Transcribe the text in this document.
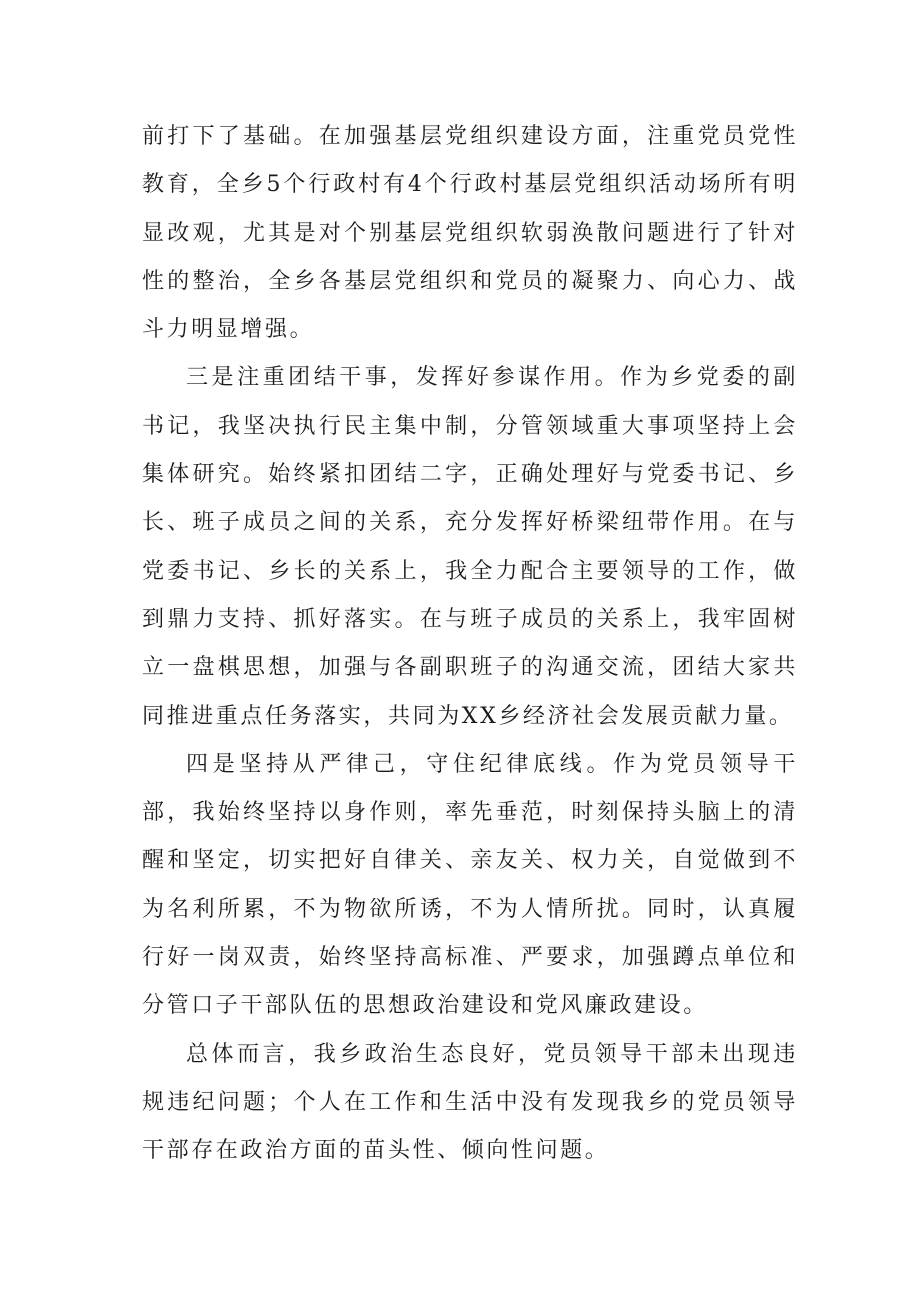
前打下了基础。在加强基层党组织建设方面，注重党员党性教育，全乡5个行政村有4个行政村基层党组织活动场所有明显改观，尤其是对个别基层党组织软弱涣散问题进行了针对性的整治，全乡各基层党组织和党员的凝聚力、向心力、战斗力明显增强。

三是注重团结干事，发挥好参谋作用。作为乡党委的副书记，我坚决执行民主集中制，分管领域重大事项坚持上会集体研究。始终紧扣团结二字，正确处理好与党委书记、乡长、班子成员之间的关系，充分发挥好桥梁纽带作用。在与党委书记、乡长的关系上，我全力配合主要领导的工作，做到鼎力支持、抓好落实。在与班子成员的关系上，我牢固树立一盘棋思想，加强与各副职班子的沟通交流，团结大家共同推进重点任务落实，共同为XX乡经济社会发展贡献力量。

四是坚持从严律己，守住纪律底线。作为党员领导干部，我始终坚持以身作则，率先垂范，时刻保持头脑上的清醒和坚定，切实把好自律关、亲友关、权力关，自觉做到不为名利所累，不为物欲所诱，不为人情所扰。同时，认真履行好一岗双责，始终坚持高标准、严要求，加强蹲点单位和分管口子干部队伍的思想政治建设和党风廉政建设。

总体而言，我乡政治生态良好，党员领导干部未出现违规违纪问题；个人在工作和生活中没有发现我乡的党员领导干部存在政治方面的苗头性、倾向性问题。
